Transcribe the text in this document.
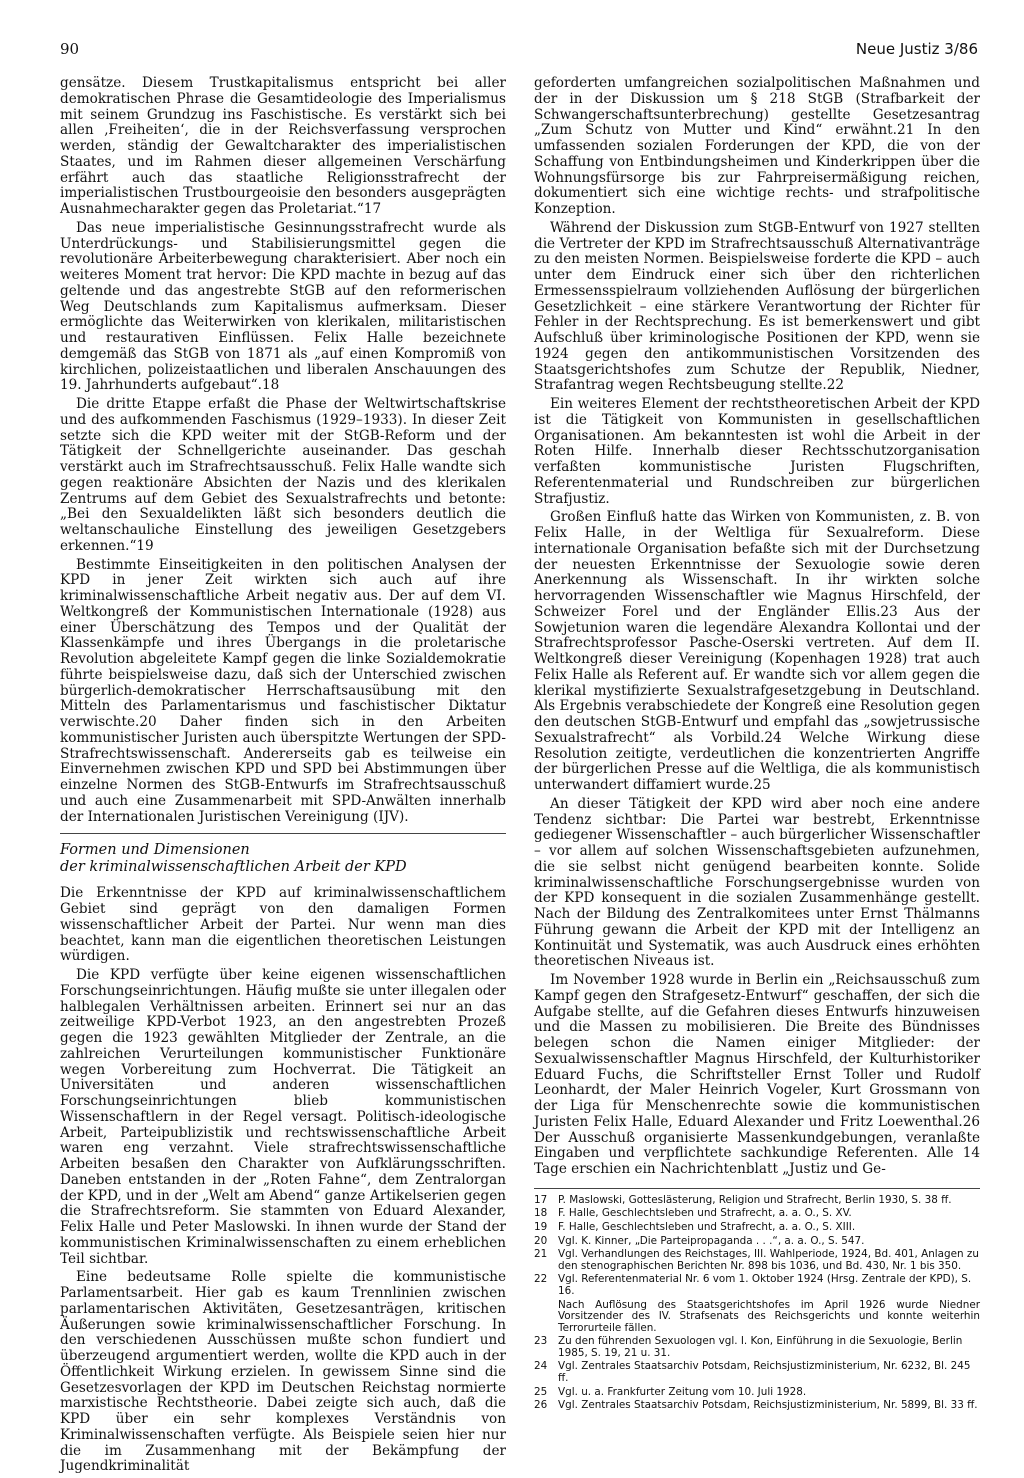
90	Neue Justiz 3/86

gensätze. Diesem Trustkapitalismus entspricht bei aller demokratischen Phrase die Gesamtideologie des Imperialismus mit seinem Grundzug ins Faschistische. Es verstärkt sich bei allen ‚Freiheiten‘, die in der Reichsverfassung versprochen werden, ständig der Gewaltcharakter des imperialistischen Staates, und im Rahmen dieser allgemeinen Verschärfung erfährt auch das staatliche Religionsstrafrecht der imperialistischen Trustbourgeoisie den besonders ausgeprägten Ausnahmecharakter gegen das Proletariat.“17

Das neue imperialistische Gesinnungsstrafrecht wurde als Unterdrückungs- und Stabilisierungsmittel gegen die revolutionäre Arbeiterbewegung charakterisiert. Aber noch ein weiteres Moment trat hervor: Die KPD machte in bezug auf das geltende und das angestrebte StGB auf den reformerischen Weg Deutschlands zum Kapitalismus aufmerksam. Dieser ermöglichte das Weiterwirken von klerikalen, militaristischen und restaurativen Einflüssen. Felix Halle bezeichnete demgemäß das StGB von 1871 als „auf einen Kompromiß von kirchlichen, polizeistaatlichen und liberalen Anschauungen des 19. Jahrhunderts aufgebaut“.18

Die dritte Etappe erfaßt die Phase der Weltwirtschaftskrise und des aufkommenden Faschismus (1929–1933). In dieser Zeit setzte sich die KPD weiter mit der StGB-Reform und der Tätigkeit der Schnellgerichte auseinander. Das geschah verstärkt auch im Strafrechtsausschuß. Felix Halle wandte sich gegen reaktionäre Absichten der Nazis und des klerikalen Zentrums auf dem Gebiet des Sexualstrafrechts und betonte: „Bei den Sexualdelikten läßt sich besonders deutlich die weltanschauliche Einstellung des jeweiligen Gesetzgebers erkennen.“19

Bestimmte Einseitigkeiten in den politischen Analysen der KPD in jener Zeit wirkten sich auch auf ihre kriminalwissenschaftliche Arbeit negativ aus. Der auf dem VI. Weltkongreß der Kommunistischen Internationale (1928) aus einer Überschätzung des Tempos und der Qualität der Klassenkämpfe und ihres Übergangs in die proletarische Revolution abgeleitete Kampf gegen die linke Sozialdemokratie führte beispielsweise dazu, daß sich der Unterschied zwischen bürgerlich-demokratischer Herrschaftsausübung mit den Mitteln des Parlamentarismus und faschistischer Diktatur verwischte.20 Daher finden sich in den Arbeiten kommunistischer Juristen auch überspitzte Wertungen der SPD-Strafrechtswissenschaft. Andererseits gab es teilweise ein Einvernehmen zwischen KPD und SPD bei Abstimmungen über einzelne Normen des StGB-Entwurfs im Strafrechtsausschuß und auch eine Zusammenarbeit mit SPD-Anwälten innerhalb der Internationalen Juristischen Vereinigung (IJV).

Formen und Dimensionen
der kriminalwissenschaftlichen Arbeit der KPD

Die Erkenntnisse der KPD auf kriminalwissenschaftlichem Gebiet sind geprägt von den damaligen Formen wissenschaftlicher Arbeit der Partei. Nur wenn man dies beachtet, kann man die eigentlichen theoretischen Leistungen würdigen.

Die KPD verfügte über keine eigenen wissenschaftlichen Forschungseinrichtungen. Häufig mußte sie unter illegalen oder halblegalen Verhältnissen arbeiten. Erinnert sei nur an das zeitweilige KPD-Verbot 1923, an den angestrebten Prozeß gegen die 1923 gewählten Mitglieder der Zentrale, an die zahlreichen Verurteilungen kommunistischer Funktionäre wegen Vorbereitung zum Hochverrat. Die Tätigkeit an Universitäten und anderen wissenschaftlichen Forschungseinrichtungen blieb kommunistischen Wissenschaftlern in der Regel versagt. Politisch-ideologische Arbeit, Parteipublizistik und rechtswissenschaftliche Arbeit waren eng verzahnt. Viele strafrechtswissenschaftliche Arbeiten besaßen den Charakter von Aufklärungsschriften. Daneben entstanden in der „Roten Fahne“, dem Zentralorgan der KPD, und in der „Welt am Abend“ ganze Artikelserien gegen die Strafrechtsreform. Sie stammten von Eduard Alexander, Felix Halle und Peter Maslowski. In ihnen wurde der Stand der kommunistischen Kriminalwissenschaften zu einem erheblichen Teil sichtbar.

Eine bedeutsame Rolle spielte die kommunistische Parlamentsarbeit. Hier gab es kaum Trennlinien zwischen parlamentarischen Aktivitäten, Gesetzesanträgen, kritischen Äußerungen sowie kriminalwissenschaftlicher Forschung. In den verschiedenen Ausschüssen mußte schon fundiert und überzeugend argumentiert werden, wollte die KPD auch in der Öffentlichkeit Wirkung erzielen. In gewissem Sinne sind die Gesetzesvorlagen der KPD im Deutschen Reichstag normierte marxistische Rechtstheorie. Dabei zeigte sich auch, daß die KPD über ein sehr komplexes Verständnis von Kriminalwissenschaften verfügte. Als Beispiele seien hier nur die im Zusammenhang mit der Bekämpfung der Jugendkriminalität

geforderten umfangreichen sozialpolitischen Maßnahmen und der in der Diskussion um § 218 StGB (Strafbarkeit der Schwangerschaftsunterbrechung) gestellte Gesetzesantrag „Zum Schutz von Mutter und Kind“ erwähnt.21 In den umfassenden sozialen Forderungen der KPD, die von der Schaffung von Entbindungsheimen und Kinderkrippen über die Wohnungsfürsorge bis zur Fahrpreisermäßigung reichen, dokumentiert sich eine wichtige rechts- und strafpolitische Konzeption.

Während der Diskussion zum StGB-Entwurf von 1927 stellten die Vertreter der KPD im Strafrechtsausschuß Alternativanträge zu den meisten Normen. Beispielsweise forderte die KPD – auch unter dem Eindruck einer sich über den richterlichen Ermessensspielraum vollziehenden Auflösung der bürgerlichen Gesetzlichkeit – eine stärkere Verantwortung der Richter für Fehler in der Rechtsprechung. Es ist bemerkenswert und gibt Aufschluß über kriminologische Positionen der KPD, wenn sie 1924 gegen den antikommunistischen Vorsitzenden des Staatsgerichtshofes zum Schutze der Republik, Niedner, Strafantrag wegen Rechtsbeugung stellte.22

Ein weiteres Element der rechtstheoretischen Arbeit der KPD ist die Tätigkeit von Kommunisten in gesellschaftlichen Organisationen. Am bekanntesten ist wohl die Arbeit in der Roten Hilfe. Innerhalb dieser Rechtsschutzorganisation verfaßten kommunistische Juristen Flugschriften, Referentenmaterial und Rundschreiben zur bürgerlichen Strafjustiz.

Großen Einfluß hatte das Wirken von Kommunisten, z. B. von Felix Halle, in der Weltliga für Sexualreform. Diese internationale Organisation befaßte sich mit der Durchsetzung der neuesten Erkenntnisse der Sexuologie sowie deren Anerkennung als Wissenschaft. In ihr wirkten solche hervorragenden Wissenschaftler wie Magnus Hirschfeld, der Schweizer Forel und der Engländer Ellis.23 Aus der Sowjetunion waren die legendäre Alexandra Kollontai und der Strafrechtsprofessor Pasche-Oserski vertreten. Auf dem II. Weltkongreß dieser Vereinigung (Kopenhagen 1928) trat auch Felix Halle als Referent auf. Er wandte sich vor allem gegen die klerikal mystifizierte Sexualstrafgesetzgebung in Deutschland. Als Ergebnis verabschiedete der Kongreß eine Resolution gegen den deutschen StGB-Entwurf und empfahl das „sowjetrussische Sexualstrafrecht“ als Vorbild.24 Welche Wirkung diese Resolution zeitigte, verdeutlichen die konzentrierten Angriffe der bürgerlichen Presse auf die Weltliga, die als kommunistisch unterwandert diffamiert wurde.25

An dieser Tätigkeit der KPD wird aber noch eine andere Tendenz sichtbar: Die Partei war bestrebt, Erkenntnisse gediegener Wissenschaftler – auch bürgerlicher Wissenschaftler – vor allem auf solchen Wissenschaftsgebieten aufzunehmen, die sie selbst nicht genügend bearbeiten konnte. Solide kriminalwissenschaftliche Forschungsergebnisse wurden von der KPD konsequent in die sozialen Zusammenhänge gestellt. Nach der Bildung des Zentralkomitees unter Ernst Thälmanns Führung gewann die Arbeit der KPD mit der Intelligenz an Kontinuität und Systematik, was auch Ausdruck eines erhöhten theoretischen Niveaus ist.

Im November 1928 wurde in Berlin ein „Reichsausschuß zum Kampf gegen den Strafgesetz-Entwurf“ geschaffen, der sich die Aufgabe stellte, auf die Gefahren dieses Entwurfs hinzuweisen und die Massen zu mobilisieren. Die Breite des Bündnisses belegen schon die Namen einiger Mitglieder: der Sexualwissenschaftler Magnus Hirschfeld, der Kulturhistoriker Eduard Fuchs, die Schriftsteller Ernst Toller und Rudolf Leonhardt, der Maler Heinrich Vogeler, Kurt Grossmann von der Liga für Menschenrechte sowie die kommunistischen Juristen Felix Halle, Eduard Alexander und Fritz Loewenthal.26 Der Ausschuß organisierte Massenkundgebungen, veranlaßte Eingaben und verpflichtete sachkundige Referenten. Alle 14 Tage erschien ein Nachrichtenblatt „Justiz und Ge-

17	P. Maslowski, Gotteslästerung, Religion und Strafrecht, Berlin 1930, S. 38 ff.
18	F. Halle, Geschlechtsleben und Strafrecht, a. a. O., S. XV.
19	F. Halle, Geschlechtsleben und Strafrecht, a. a. O., S. XIII.
20	Vgl. K. Kinner, „Die Parteipropaganda . . .“, a. a. O., S. 547.
21	Vgl. Verhandlungen des Reichstages, III. Wahlperiode, 1924, Bd. 401, Anlagen zu den stenographischen Berichten Nr. 898 bis 1036, und Bd. 430, Nr. 1 bis 350.
22	Vgl. Referentenmaterial Nr. 6 vom 1. Oktober 1924 (Hrsg. Zentrale der KPD), S. 16.
Nach Auflösung des Staatsgerichtshofes im April 1926 wurde Niedner Vorsitzender des IV. Strafsenats des Reichsgerichts und konnte weiterhin Terrorurteile fällen.
23	Zu den führenden Sexuologen vgl. I. Kon, Einführung in die Sexuologie, Berlin 1985, S. 19, 21 u. 31.
24	Vgl. Zentrales Staatsarchiv Potsdam, Reichsjustizministerium, Nr. 6232, Bl. 245 ff.
25	Vgl. u. a. Frankfurter Zeitung vom 10. Juli 1928.
26	Vgl. Zentrales Staatsarchiv Potsdam, Reichsjustizministerium, Nr. 5899, Bl. 33 ff.
